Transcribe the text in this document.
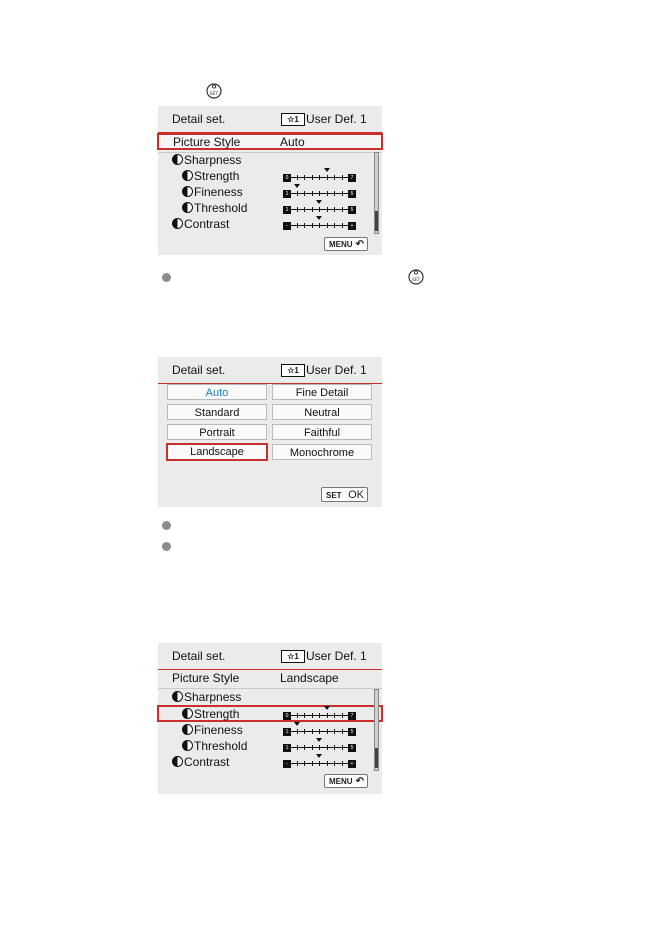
SET
Detail set.	☆1 User Def. 1
Picture Style	Auto
Sharpness
Strength	0	7
Fineness	1	5
Threshold	1	5
Contrast	-	+
MENU ↶
SET
Detail set.	☆1 User Def. 1
Auto	Fine Detail
Standard	Neutral
Portrait	Faithful
Landscape	Monochrome
SET OK
Detail set.	☆1 User Def. 1
Picture Style	Landscape
Sharpness
Strength	0	7
Fineness	1	5
Threshold	1	5
Contrast	-	+
MENU ↶
